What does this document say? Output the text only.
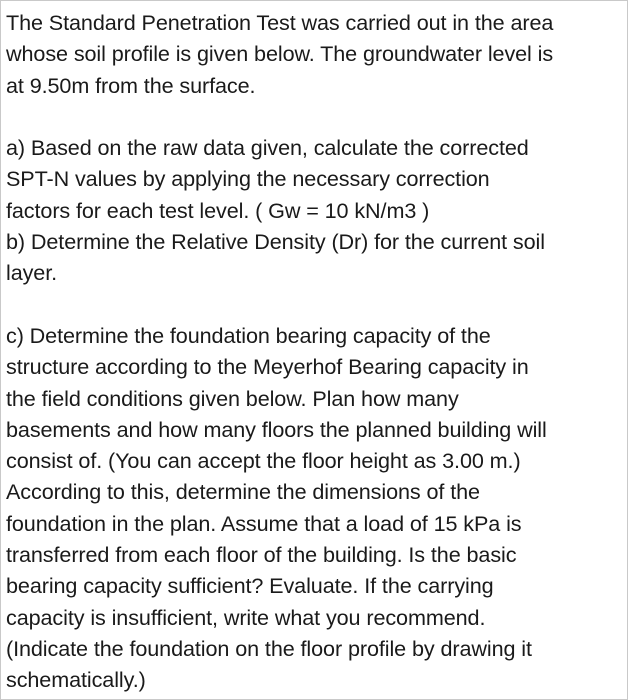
The Standard Penetration Test was carried out in the area
whose soil profile is given below. The groundwater level is
at 9.50m from the surface.
a) Based on the raw data given, calculate the corrected
SPT-N values by applying the necessary correction
factors for each test level. ( Gw = 10 kN/m3 )
b) Determine the Relative Density (Dr) for the current soil
layer.
c) Determine the foundation bearing capacity of the
structure according to the Meyerhof Bearing capacity in
the field conditions given below. Plan how many
basements and how many floors the planned building will
consist of. (You can accept the floor height as 3.00 m.)
According to this, determine the dimensions of the
foundation in the plan. Assume that a load of 15 kPa is
transferred from each floor of the building. Is the basic
bearing capacity sufficient? Evaluate. If the carrying
capacity is insufficient, write what you recommend.
(Indicate the foundation on the floor profile by drawing it
schematically.)
